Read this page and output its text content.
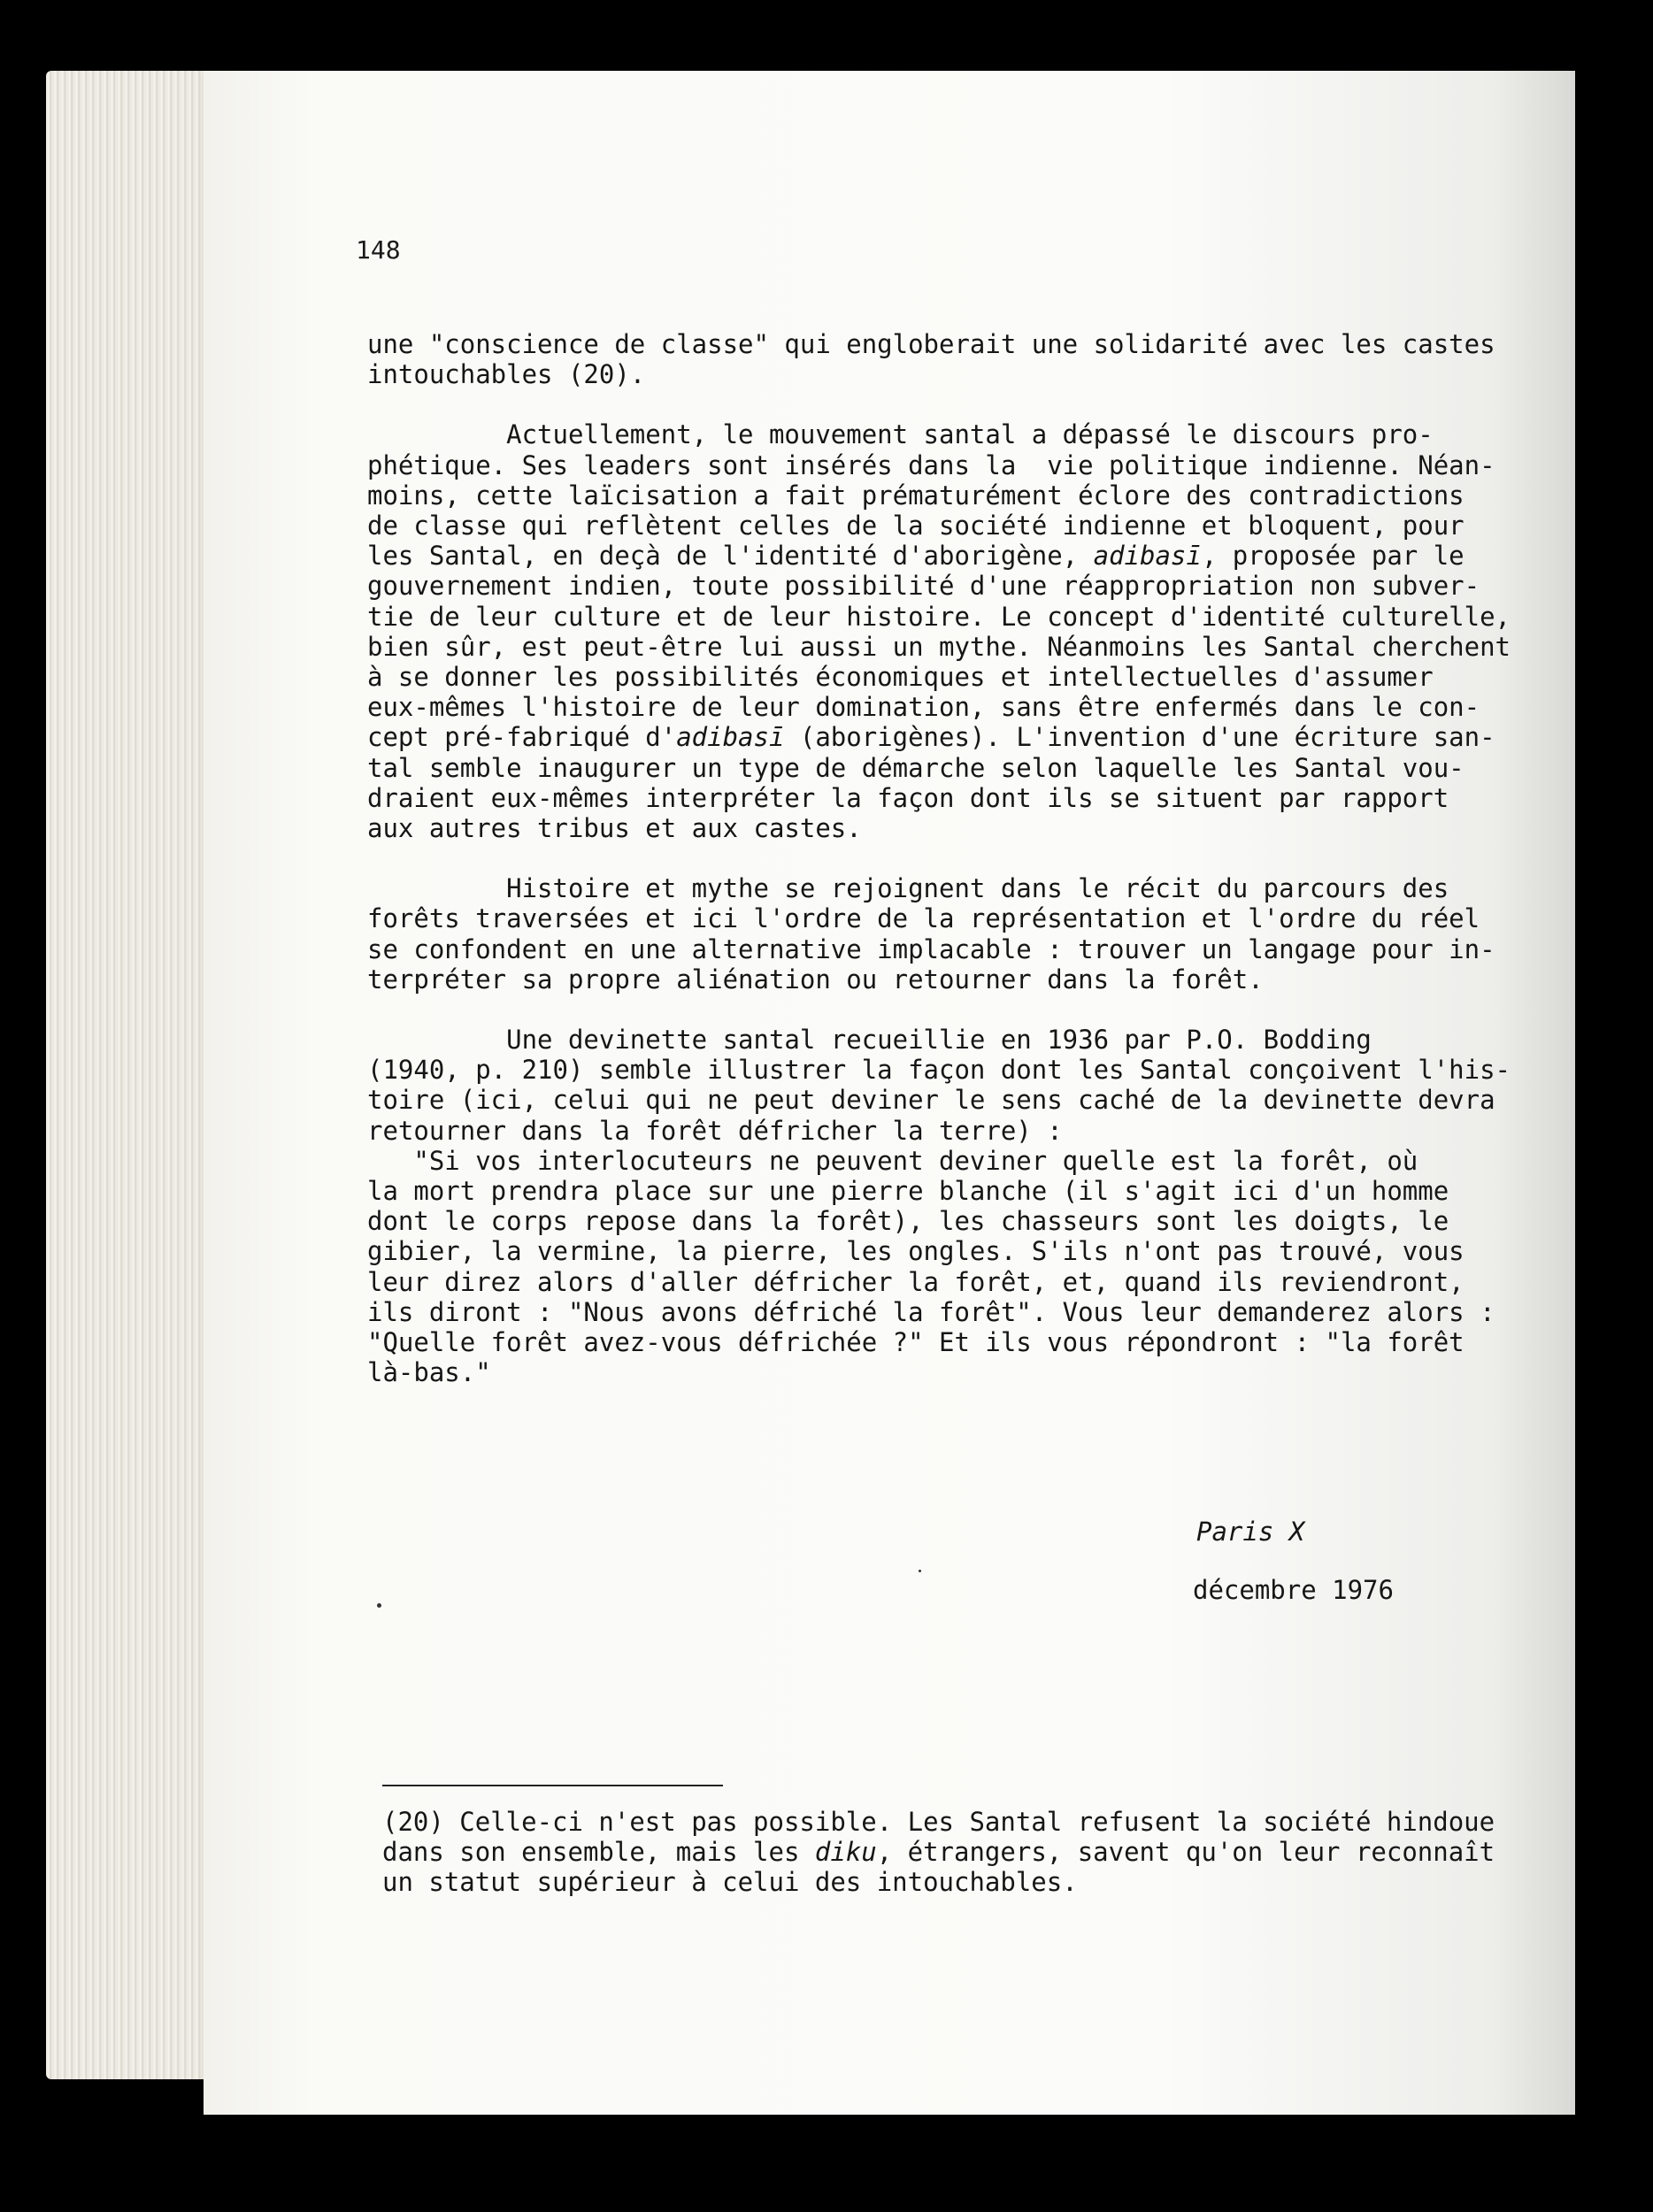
148
une "conscience de classe" qui engloberait une solidarité avec les castes
intouchables (20).
Actuellement, le mouvement santal a dépassé le discours pro-
phétique. Ses leaders sont insérés dans la  vie politique indienne. Néan-
moins, cette laïcisation a fait prématurément éclore des contradictions
de classe qui reflètent celles de la société indienne et bloquent, pour
les Santal, en deçà de l'identité d'aborigène, adibasī, proposée par le
gouvernement indien, toute possibilité d'une réappropriation non subver-
tie de leur culture et de leur histoire. Le concept d'identité culturelle,
bien sûr, est peut-être lui aussi un mythe. Néanmoins les Santal cherchent
à se donner les possibilités économiques et intellectuelles d'assumer
eux-mêmes l'histoire de leur domination, sans être enfermés dans le con-
cept pré-fabriqué d'adibasī (aborigènes). L'invention d'une écriture san-
tal semble inaugurer un type de démarche selon laquelle les Santal vou-
draient eux-mêmes interpréter la façon dont ils se situent par rapport
aux autres tribus et aux castes.
Histoire et mythe se rejoignent dans le récit du parcours des
forêts traversées et ici l'ordre de la représentation et l'ordre du réel
se confondent en une alternative implacable : trouver un langage pour in-
terpréter sa propre aliénation ou retourner dans la forêt.
Une devinette santal recueillie en 1936 par P.O. Bodding
(1940, p. 210) semble illustrer la façon dont les Santal conçoivent l'his-
toire (ici, celui qui ne peut deviner le sens caché de la devinette devra
retourner dans la forêt défricher la terre) :
"Si vos interlocuteurs ne peuvent deviner quelle est la forêt, où
la mort prendra place sur une pierre blanche (il s'agit ici d'un homme
dont le corps repose dans la forêt), les chasseurs sont les doigts, le
gibier, la vermine, la pierre, les ongles. S'ils n'ont pas trouvé, vous
leur direz alors d'aller défricher la forêt, et, quand ils reviendront,
ils diront : "Nous avons défriché la forêt". Vous leur demanderez alors :
"Quelle forêt avez-vous défrichée ?" Et ils vous répondront : "la forêt
là-bas."
Paris X
décembre 1976
(20) Celle-ci n'est pas possible. Les Santal refusent la société hindoue
dans son ensemble, mais les diku, étrangers, savent qu'on leur reconnaît
un statut supérieur à celui des intouchables.
